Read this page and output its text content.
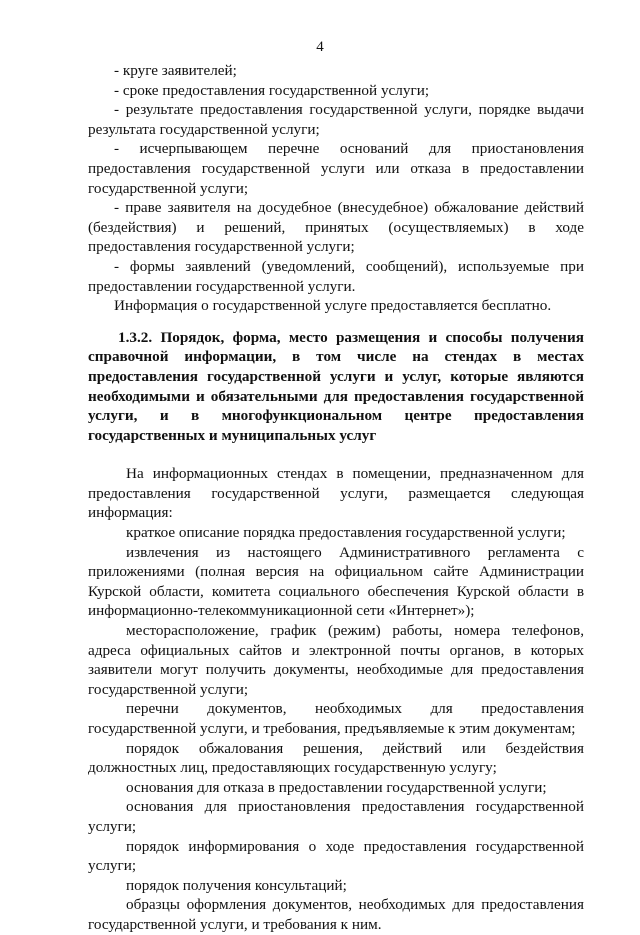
4

- круге заявителей;

- сроке предоставления государственной услуги;

- результате предоставления государственной услуги, порядке выдачи результата государственной услуги;

- исчерпывающем перечне оснований для приостановления предоставления государственной услуги или отказа в предоставлении государственной услуги;

- праве заявителя на досудебное (внесудебное) обжалование действий (бездействия) и решений, принятых (осуществляемых) в ходе предоставления государственной услуги;

- формы заявлений (уведомлений, сообщений), используемые при предоставлении государственной услуги.

Информация о государственной услуге предоставляется бесплатно.

1.3.2. Порядок, форма, место размещения и способы получения справочной информации, в том числе на стендах в местах предоставления государственной услуги и услуг, которые являются необходимыми и обязательными для предоставления государственной услуги, и в многофункциональном центре предоставления государственных и муниципальных услуг

На информационных стендах в помещении, предназначенном для предоставления государственной услуги, размещается следующая информация:

краткое описание порядка предоставления государственной услуги;

извлечения из настоящего Административного регламента с приложениями (полная версия на официальном сайте Администрации Курской области, комитета социального обеспечения Курской области в информационно-телекоммуникационной сети «Интернет»);

месторасположение, график (режим) работы, номера телефонов, адреса официальных сайтов и электронной почты органов, в которых заявители могут получить документы, необходимые для предоставления государственной услуги;

перечни документов, необходимых для предоставления государственной услуги, и требования, предъявляемые к этим документам;

порядок обжалования решения, действий или бездействия должностных лиц, предоставляющих государственную услугу;

основания для отказа в предоставлении государственной услуги;

основания для приостановления предоставления государственной услуги;

порядок информирования о ходе предоставления государственной услуги;

порядок получения консультаций;

образцы оформления документов, необходимых для предоставления государственной услуги, и требования к ним.
